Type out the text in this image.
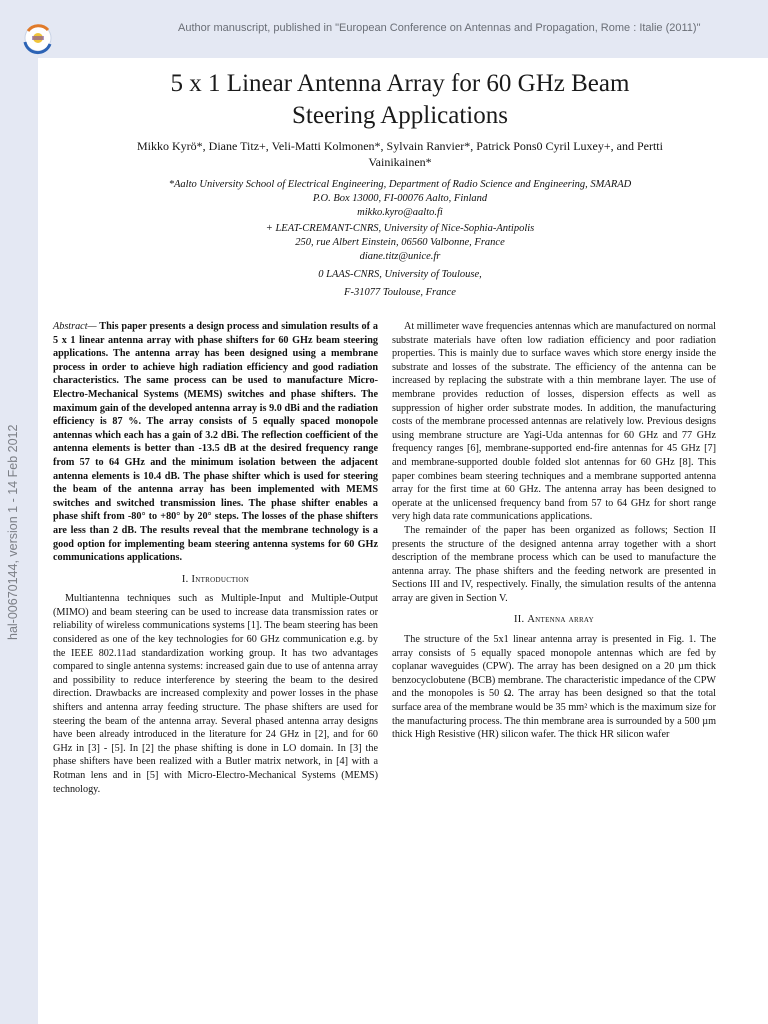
Author manuscript, published in "European Conference on Antennas and Propagation, Rome : Italie (2011)"
hal-00670144, version 1 - 14 Feb 2012
5 x 1 Linear Antenna Array for 60 GHz Beam
Steering Applications
Mikko Kyrö*, Diane Titz+, Veli-Matti Kolmonen*, Sylvain Ranvier*, Patrick Pons0 Cyril Luxey+, and Pertti
Vainikainen*
*Aalto University School of Electrical Engineering, Department of Radio Science and Engineering, SMARAD
P.O. Box 13000, FI-00076 Aalto, Finland
mikko.kyro@aalto.fi
+ LEAT-CREMANT-CNRS, University of Nice-Sophia-Antipolis
250, rue Albert Einstein, 06560 Valbonne, France
diane.titz@unice.fr
0 LAAS-CNRS, University of Toulouse,
F-31077 Toulouse, France

Abstract— This paper presents a design process and simulation results of a 5 x 1 linear antenna array with phase shifters for 60 GHz beam steering applications. The antenna array has been designed using a membrane process in order to achieve high radiation efficiency and good radiation characteristics. The same process can be used to manufacture Micro-Electro-Mechanical Systems (MEMS) switches and phase shifters. The maximum gain of the developed antenna array is 9.0 dBi and the radiation efficiency is 87 %. The array consists of 5 equally spaced monopole antennas which each has a gain of 3.2 dBi. The reflection coefficient of the antenna elements is better than -13.5 dB at the desired frequency range from 57 to 64 GHz and the minimum isolation between the adjacent antenna elements is 10.4 dB. The phase shifter which is used for steering the beam of the antenna array has been implemented with MEMS switches and switched transmission lines. The phase shifter enables a phase shift from -80° to +80° by 20° steps. The losses of the phase shifters are less than 2 dB. The results reveal that the membrane technology is a good option for implementing beam steering antenna systems for 60 GHz communications applications.

I. Introduction

Multiantenna techniques such as Multiple-Input and Multiple-Output (MIMO) and beam steering can be used to increase data transmission rates or reliability of wireless communications systems [1]. The beam steering has been considered as one of the key technologies for 60 GHz communication e.g. by the IEEE 802.11ad standardization working group. It has two advantages compared to single antenna systems: increased gain due to use of antenna array and possibility to reduce interference by steering the beam to the desired direction. Drawbacks are increased complexity and power losses in the phase shifters and antenna array feeding structure. The phase shifters are used for steering the beam of the antenna array. Several phased antenna array designs have been already introduced in the literature for 24 GHz in [2], and for 60 GHz in [3] - [5]. In [2] the phase shifting is done in LO domain. In [3] the phase shifters have been realized with a Butler matrix network, in [4] with a Rotman lens and in [5] with Micro-Electro-Mechanical Systems (MEMS) technology.

At millimeter wave frequencies antennas which are manufactured on normal substrate materials have often low radiation efficiency and poor radiation properties. This is mainly due to surface waves which store energy inside the substrate and losses of the substrate. The efficiency of the antenna can be increased by replacing the substrate with a thin membrane layer. The use of membrane provides reduction of losses, dispersion effects as well as suppression of higher order substrate modes. In addition, the manufacturing costs of the membrane processed antennas are relatively low. Previous designs using membrane structure are Yagi-Uda antennas for 60 GHz and 77 GHz frequency ranges [6], membrane-supported end-fire antennas for 45 GHz [7] and membrane-supported double folded slot antennas for 60 GHz [8]. This paper combines beam steering techniques and a membrane supported antenna array for the first time at 60 GHz. The antenna array has been designed to operate at the unlicensed frequency band from 57 to 64 GHz for short range very high data rate communications applications.

The remainder of the paper has been organized as follows; Section II presents the structure of the designed antenna array together with a short description of the membrane process which can be used to manufacture the antenna array. The phase shifters and the feeding network are presented in Sections III and IV, respectively. Finally, the simulation results of the antenna array are given in Section V.

II. Antenna array

The structure of the 5x1 linear antenna array is presented in Fig. 1. The array consists of 5 equally spaced monopole antennas which are fed by coplanar waveguides (CPW). The array has been designed on a 20 µm thick benzocyclobutene (BCB) membrane. The characteristic impedance of the CPW and the monopoles is 50 Ω. The array has been designed so that the total surface area of the membrane would be 35 mm² which is the maximum size for the manufacturing process. The thin membrane area is surrounded by a 500 µm thick High Resistive (HR) silicon wafer. The thick HR silicon wafer
